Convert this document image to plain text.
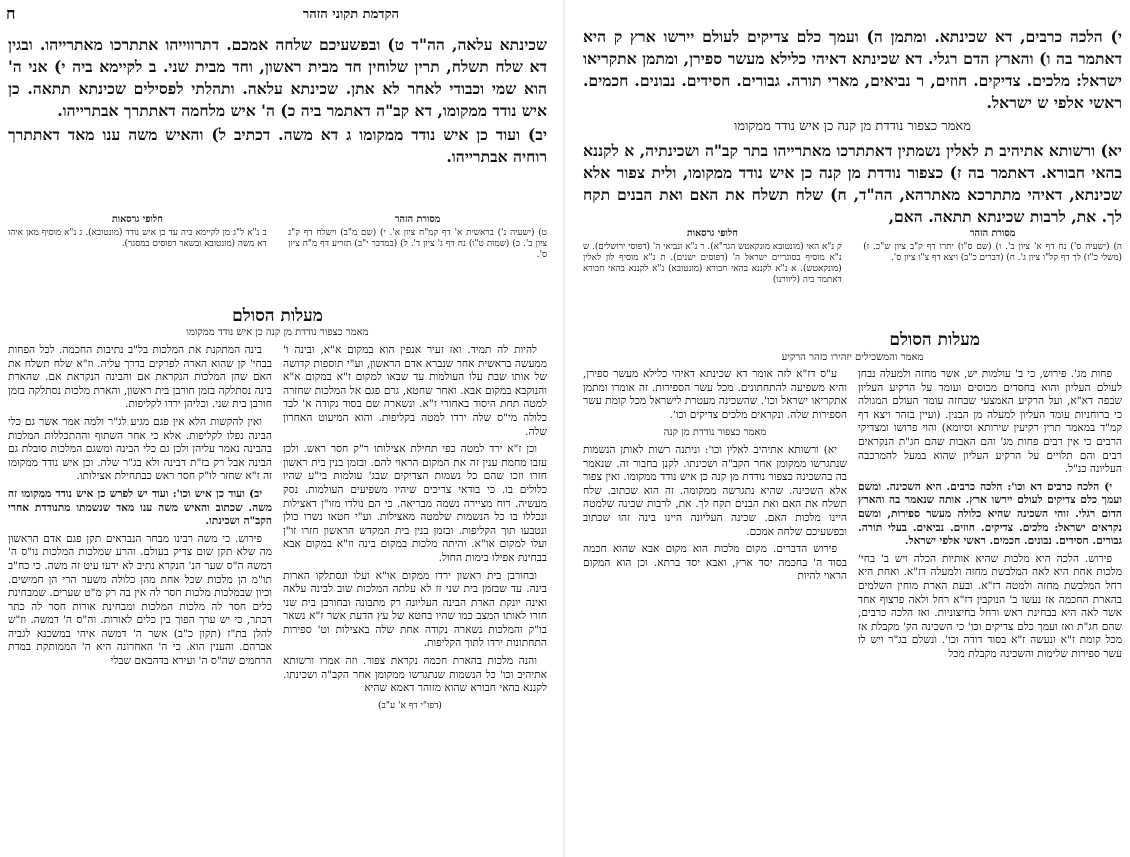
י) הלכה כרבים, דא שכינתא. ומתמן ה) ועמך כלם צדיקים לעולם יירשו ארץ ק היא דאתמר בה ו) והארץ הדם רגלי. דא שכינתא דאיהי כלילא מעשר ספירן, ומתמן אתקריאו ישראל: מלכים. צדיקים. חוזים, ר נביאים, מארי תורה. גבורים. חסידים. נבונים. חכמים. ראשי אלפי ש ישראל.

מאמר כצפור נודדת מן קנה כן איש נודד ממקומו

יא) ורשותא אתיהיב ת לאלין נשמתין דאתתרכו מאתרייהו בתר קב"ה ושכינתיה, א לקננא בהאי חבורא. דאתמר בה ז) כצפור נודדת מן קנה כן איש נודד ממקומו, ולית צפור אלא שכינתא, דאיהי מתתרכא מאתרהא, הה"ד, ח) שלח תשלח את האם ואת הבנים תקח לך. את, לרבות שכינתא תתאה. האם,

מסורת הזהר
ה) (ישעיה ס') נח דף א' ציון ב'. ו) (שם ס"ו) יתרו דף ק"ב ציון ש"כ. ז) (משלי כ"ז) לך דף קל"ו ציון ג'. ח) (דברים כ"ב) ויצא דף צ"ו ציון ס'.
חלופי גרסאות
ק נ"א האי (מונטובא מונקאטש הגר"א). ר נ"א ונביאי ה' (דפוסי ירושלים). ש נ"א מוסיף בסוגריים ישראל ה' (דפוסים ישנים). ת נ"א מוסיף לון לאלין (מונקאטש). א נ"א לקננא בהאי חבורא (מונטובא) נ"א לקננא בהאי חבורא דאתמר ביה (ליוורנו)
מעלות הסולם
מאמר והמשכילים יזהירו כזהר הרקיע

פחות מג'. פירוש, כי ב' עולמות יש, אשר מחזה ולמעלה נבחן לעולם העליון והוא בחסדים מכוסים ועומד על הרקיע העליון שבפה דא"א, ועל הרקיע האמצעי שבחזה עומד העולם המגולה כי ברוחניות עומד העליון למעלה מן הבנין. (ועיין בזהר ויצא דף קמ"ד במאמר תרין רקיעין שירותא וסיומא) והוי פרושו ומצדיקי הרבים כי אין רבים פחות מג' והם האבות שהם חג"ת הנקראים רבים והם תלויים על הרקיע העליון שהוא במעל להמרכבה העליונה כנ"ל.

י) הלכה כרבים דא וכו': הלכה כרבים. היא השכינה. ומשם ועמך כלם צדיקים לעולם יירשו ארץ. אותה שנאמר בה והארץ הדום רגלי. זוהי השכינה שהיא כלולה מעשר ספירות, ומשם נקראים ישראל: מלכים. צדיקים. חוזים. נביאים. בעלי תורה. גבורים. חסידים. נבונים. חכמים. ראשי אלפי ישראל.

פירוש. הלכה היא מלכות שהיא אותיות הכלה ויש ב' בחי' מלכות אחת היא לאה המלבשת מחזה ולמעלה דז"א. ואחת היא רחל המלבשת מחזה ולמטה דז"א. ובעת הארת מוחין השלמים בהארת החכמה אז נעשו ב' הנוקבין דז"א רחל ולאה פרצוף אחד אשר לאה היא בבחינת ראש ורחל בחיצוניות. ואז הלכה כרבים, שהם חג"ת ואז ועמך כלם צדיקים וכו' כי השכינה הק' מקבלת אז מכל קומת ז"א ונעשה ז"א בסוד דודה וכו'. ונשלם בג"ר ויש לו עשר ספירות שלימות והשכינה מקבלת מכל

ע"ס דז"א לזה אומר דא שכינתא דאיהי כלילא מעשר ספירן, והיא משפיעה להתחתונים. מכל עשר הספירות. זה אומרו ומתמן אתקריאו ישראל וכו'. שהשכינה מעטרת לישראל מכל קומת עשר הספירות שלה. ונקראים מלכים צדיקים וכו'.

מאמר כצפור נודדת מן קנה

יא) ורשותא אתיהיב לאלין וכו': וניתנה רשות לאותן הנשמות שנתגרשו ממקומן אחר הקב"ה ושכינתו. לקנן בחבור זה. שנאמר בה בהשכינה כצפור נודדת מן קנה כן איש נודד ממקומו. ואין צפור אלא השכינה. שהיא נתגרשה ממקומה. זה הוא שכתוב. שלח תשלח את האם ואת הבנים תקח לך. את, לרבות שכינה שלמטה היינו מלכות האם. שכינה העליונה היינו בינה זהו שכתוב ובפשעיכם שלחה אמכם.

פירוש הדברים. מקום מלכות הוא מקום אבא שהוא חכמה בסוד ה' בחכמה יסד ארץ, ואבא יסד ברתא. וכן הוא המקום הראוי להיות

ח	הקדמת תקוני הזהר

שכינתא עלאה, הה"ד ט) ובפשעיכם שלחה אמכם. דתרווייהו אתתרכו מאתרייהו. ובגין דא שלח תשלח, תרין שלוחין חד מבית ראשון, וחד מבית שני. ב לקיימא ביה י) אני ה' הוא שמי וכבודי לאחר לא אתן. שכינתא עלאה. ותהלתי לפסילים שכינתא תתאה. כן איש נודד ממקומו, דא קב"ה דאתמר ביה כ) ה' איש מלחמה דאתתרך אבתרייהו.

יב) ועוד כן איש נודד ממקומו ג דא משה. דכתיב ל) והאיש משה ענו מאד דאתתרך רוחיה אבתרייהו.

מסורת הזהר
ט) (ישעיה נ') בראשית א' דף קמ"ח ציון א'. י) (שם מ"ב) וישלח דף ק"ג ציון ב'. כ) (שמות ט"ו) נח דף ג' ציון ד'. ל) (במדבר י"ב) תזריע דף מ"ח ציון ס'.
חלופי גרסאות
ב נ"א ל"ג מן לקיימא ביה עד כן איש נודד (מונטובא). ג נ"א מוסיף מאן איהו דא משה (מונטובא ובשאר דפוסים במסגר).
מעלות הסולם
מאמר כצפור נודדת מן קנה כן איש נודד ממקומו

להיות לה תמיד. ואז זעיר אנפין הוא במקום א"א, ובינה ו' ממעשה בראשית אחר שנברא אדם הראשון, וע"י תוספות קדושה של אותו שבת עלו העולמות עד שבאו למקום ז"א במקום א"א והנוקבא במקום אבא. ואחר שחטא, גרם פגם אל המלכות שחזרה למטה תחת היסוד באחורי ז"א. ונשארה שם בסוד נקודה א' לבד כלולה מי"ס שלה ירדו למטה בקליפות. והוא המיעוט האחרון שלה.

וכן ז"א ירד למטה כפי תחילת אצילותו ר"ק חסר ראש. ולכן עזבו מחמת ענין זה את המקום הראוי להם. ובזמן בנין בית ראשון חזרו וזכו שהם כל נשמות הצדיקים שבג' עולמות בי"ע שהיו כלולים בו. כי בודאי צריכים שיהיו משפיעים העולמות. נסק מעשיה. רוח מציירה נשמה מבריאה. כי הם נולדו מזו"ן דאצילות ונכללו בו כל הנשמות שלמטה מאצילות. וע"י חטאו נשרו כולן ונטבעו תוך הקליפות. ובזמן בנין בית המקדש הראשון חזרו זו"ן ועלו למקום או"א. והיתה מלכות במקום בינה וז"א במקום אבא בבחינת אפילו בימות החול.

ובחורבן בית ראשון ירדו ממקום או"א ועלו ונסתלקו הארות בינה. עד שבזמן בית שני זז לא עלתה המלכות שוב לבינה עלאה ואינה יונקת הארת הבינה העליונה רק מתבונה ובחורבן בית שני חזרו לאותו המצב כמו שהיו בחטא של עץ הדעת אשר ז"א נשאר בו"ק והמלכות נשארה נקודה אחת שלה באצילות וט' ספירות התחתונות ירדו לתוך הקליפות.

והנה מלכות בהארת חכמה נקראת צפור. וזה אמרו ורשותא אתיהיב וכו' כל הנשמות שנתגרשו ממקומן אחר הקב"ה ושכינתו. לקננא בהאי חבורא שהוא מזוהר דאמא שהיא

(דפו"י דף א' ע"ב)

בינה המתקנת את המלכות בל"ב נתיבות החכמה. לכל הפחות בבחי' קן שהוא הארה לפרקים בדרך עליה. וז"א שלח תשלח את האם שהן המלכות הנקראת אם והבינה הנקראת אם. שהארת בינה נסתלקה בזמן חורבן בית ראשון, והארת מלכות נסתלקה בזמן חורבן בית שני. וכליהן ירדו לקליפות.

ואין להקשות הלא אין פגם מגיע לג"ר ולמה אמר אשר גם כלי הבינה נפלו לקליפות. אלא כי אחר השתוף וההתכללות המלכות בהבינה נאמר עליהן ולכן גם כלי הבינה ומשגם המלכות סובלת גם הבינה אבל רק בז"ת דבינה ולא בג"ר שלה. וכן איש נודד ממקומו זה ז"א שחזר לו"ק חסר ראש כבתחילת אצילותו.

יב) ועוד כן איש וכו': ועוד יש לפרש כן איש נודד ממקומו זה משה. שכתוב והאיש משה ענו מאד שנשמתו מתנודדת אחרי הקב"ה ושכינתו.

פירוש. כי משה רבינו מבחר הנבראים תקן פגם אדם הראשון מה שלא תקן שום צדיק בעולם. והרע שמלכות המלכות נו"ס ה' דמשה ה"ס שער הנ' הנקרא נתיב לא ידעו עיט זה משה. כי כח"ב תו"מ הן מלכות שכל אחת מהן כלולה משער הרי הן חמישים. וכיון שבמלכות מלכות חסר לה אין בה רק מ"ט שערים. שמבחינת כלים חסר לה מלכות המלכות ומבחינת אורות חסר לה כתר דכתר, כי יש ערך הפוך בין כלים לאורות. וה"ס ה' דמשה. וז"ש להלן בת"ז (תקון כ"ב) אשר ה' דמשה איהי במשכנא לגביה אברהם. והענין הוא. כי ה' האחרונה היא ה' הממותקת במדת הרחמים שה"ס ה' ועירא בדהבאם שבלי
